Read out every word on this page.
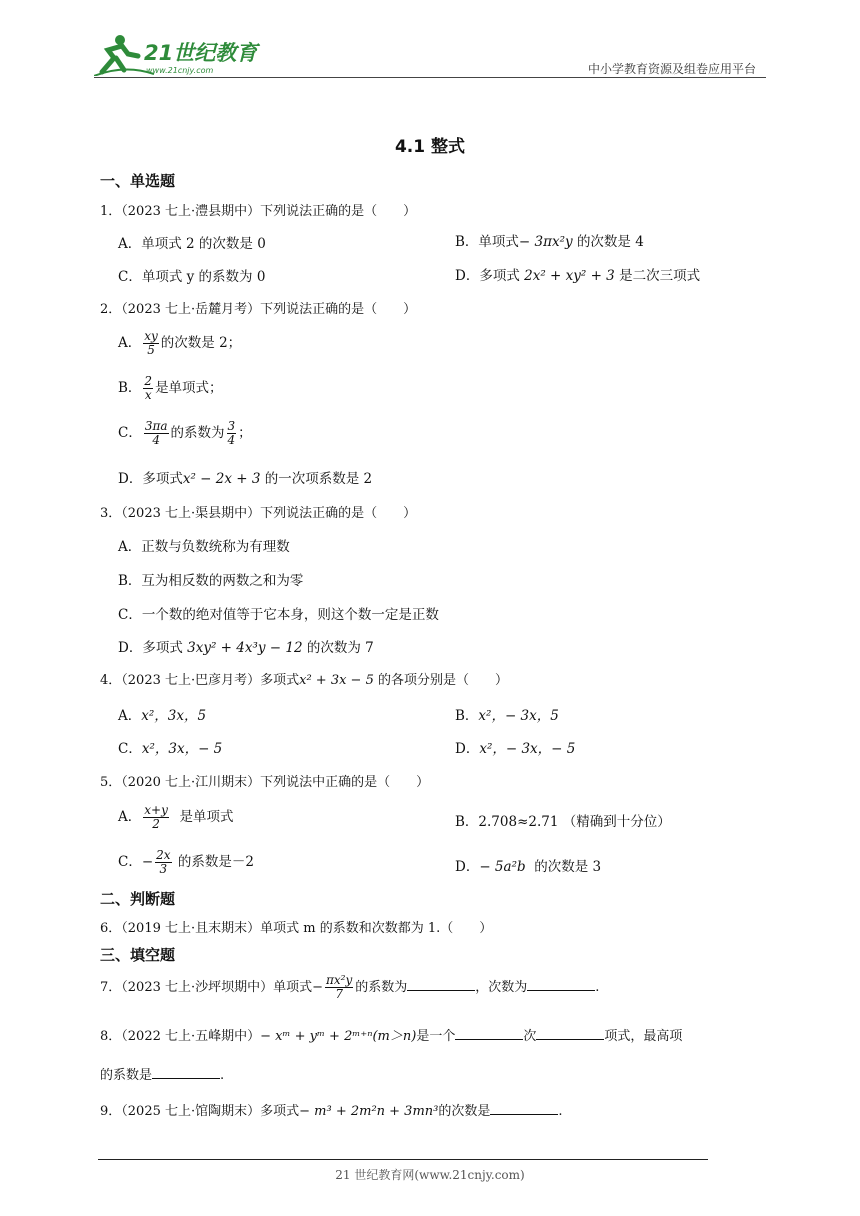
21世纪教育
www.21cnjy.com	中小学教育资源及组卷应用平台
4.1 整式
一、单选题
1．（2023 七上·澧县期中）下列说法正确的是（　　）
A．单项式 2 的次数是 0	B．单项式− 3πx²y 的次数是 4
C．单项式 y 的系数为 0	D．多项式 2x² + xy² + 3 是二次三项式
2．（2023 七上·岳麓月考）下列说法正确的是（　　）
A． $\frac{xy}{5}$ 的次数是 2；
B． $\frac{2}{x}$ 是单项式；
C． $\frac{3\pi a}{4}$ 的系数为 $\frac{3}{4}$ ；
D．多项式x² − 2x + 3 的一次项系数是 2
3．（2023 七上·渠县期中）下列说法正确的是（　　）
A．正数与负数统称为有理数
B．互为相反数的两数之和为零
C．一个数的绝对值等于它本身，则这个数一定是正数
D．多项式 3xy² + 4x³y − 12 的次数为 7
4．（2023 七上·巴彦月考）多项式x² + 3x − 5 的各项分别是（　　）
A．x²，3x，5	B．x²，− 3x，5
C．x²，3x，− 5	D．x²，− 3x，− 5
5．（2020 七上·江川期末）下列说法中正确的是（　　）
A． $\frac{x+y}{2}$ 是单项式	B．2.708≈2.71 （精确到十分位）
C．− $\frac{2x}{3}$ 的系数是－2	D．− 5a²b 的次数是 3
二、判断题
6．（2019 七上·且末期末）单项式 m 的系数和次数都为 1.（　　）
三、填空题
7．（2023 七上·沙坪坝期中）单项式− $\frac{\text{πx²y}}{7}$ 的系数为	，次数为	.
8．（2022 七上·五峰期中）− xᵐ + yᵐ + 2ᵐ⁺ⁿ(m＞n)是一个	次	项式，最高项
的系数是	.
9．（2025 七上·馆陶期末）多项式− m³ + 2m²n + 3mn³的次数是	.
21 世纪教育网(www.21cnjy.com)
